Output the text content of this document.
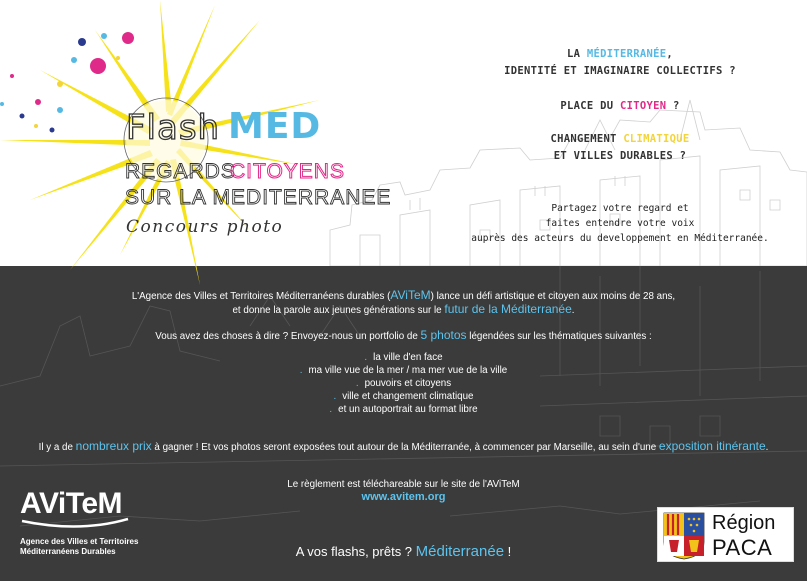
Flash MED
REGARDS
CITOYENS
SUR LA MEDITERRANEE
Concours photo
LA MÉDITERRANÉE,
IDENTITÉ ET IMAGINAIRE COLLECTIFS ?
PLACE DU CITOYEN ?
CHANGEMENT CLIMATIQUE
ET VILLES DURABLES ?
Partagez votre regard et
faites entendre votre voix
auprès des acteurs du developpement en Méditerranée.
L'Agence des Villes et Territoires Méditerranéens durables (AViTeM) lance un défi artistique et citoyen aux moins de 28 ans,
et donne la parole aux jeunes générations sur le futur de la Méditerranée.
Vous avez des choses à dire ? Envoyez-nous un portfolio de 5 photos légendées sur les thématiques suivantes :
. la ville d'en face
. ma ville vue de la mer / ma mer vue de la ville
. pouvoirs et citoyens
. ville et changement climatique
. et un autoportrait au format libre
Il y a de nombreux prix à gagner ! Et vos photos seront exposées tout autour de la Méditerranée, à commencer par Marseille, au sein d'une exposition itinérante.
Le règlement est téléchareable sur le site de l'AViTeM
www.avitem.org
A vos flashs, prêts ? Méditerranée !
AViTeM
Agence des Villes et Territoires
Méditerranéens Durables
Région
PACA
